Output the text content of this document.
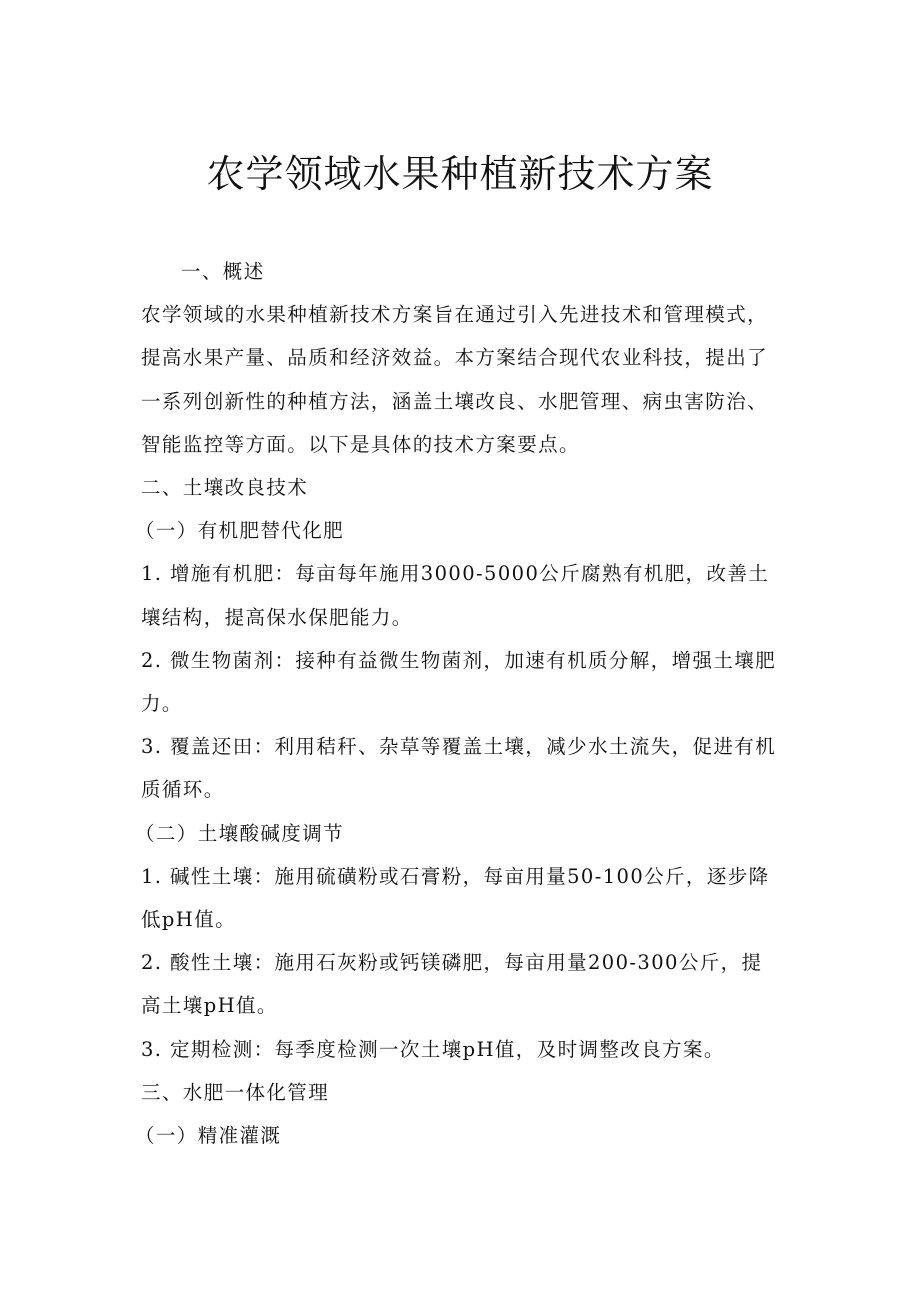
农学领域水果种植新技术方案

一、概述

农学领域的水果种植新技术方案旨在通过引入先进技术和管理模式，提高水果产量、品质和经济效益。本方案结合现代农业科技，提出了一系列创新性的种植方法，涵盖土壤改良、水肥管理、病虫害防治、智能监控等方面。以下是具体的技术方案要点。

二、土壤改良技术

（一）有机肥替代化肥

1. 增施有机肥：每亩每年施用3000-5000公斤腐熟有机肥，改善土壤结构，提高保水保肥能力。

2. 微生物菌剂：接种有益微生物菌剂，加速有机质分解，增强土壤肥力。

3. 覆盖还田：利用秸秆、杂草等覆盖土壤，减少水土流失，促进有机质循环。

（二）土壤酸碱度调节

1. 碱性土壤：施用硫磺粉或石膏粉，每亩用量50-100公斤，逐步降低pH值。

2. 酸性土壤：施用石灰粉或钙镁磷肥，每亩用量200-300公斤，提高土壤pH值。

3. 定期检测：每季度检测一次土壤pH值，及时调整改良方案。

三、水肥一体化管理

（一）精准灌溉
